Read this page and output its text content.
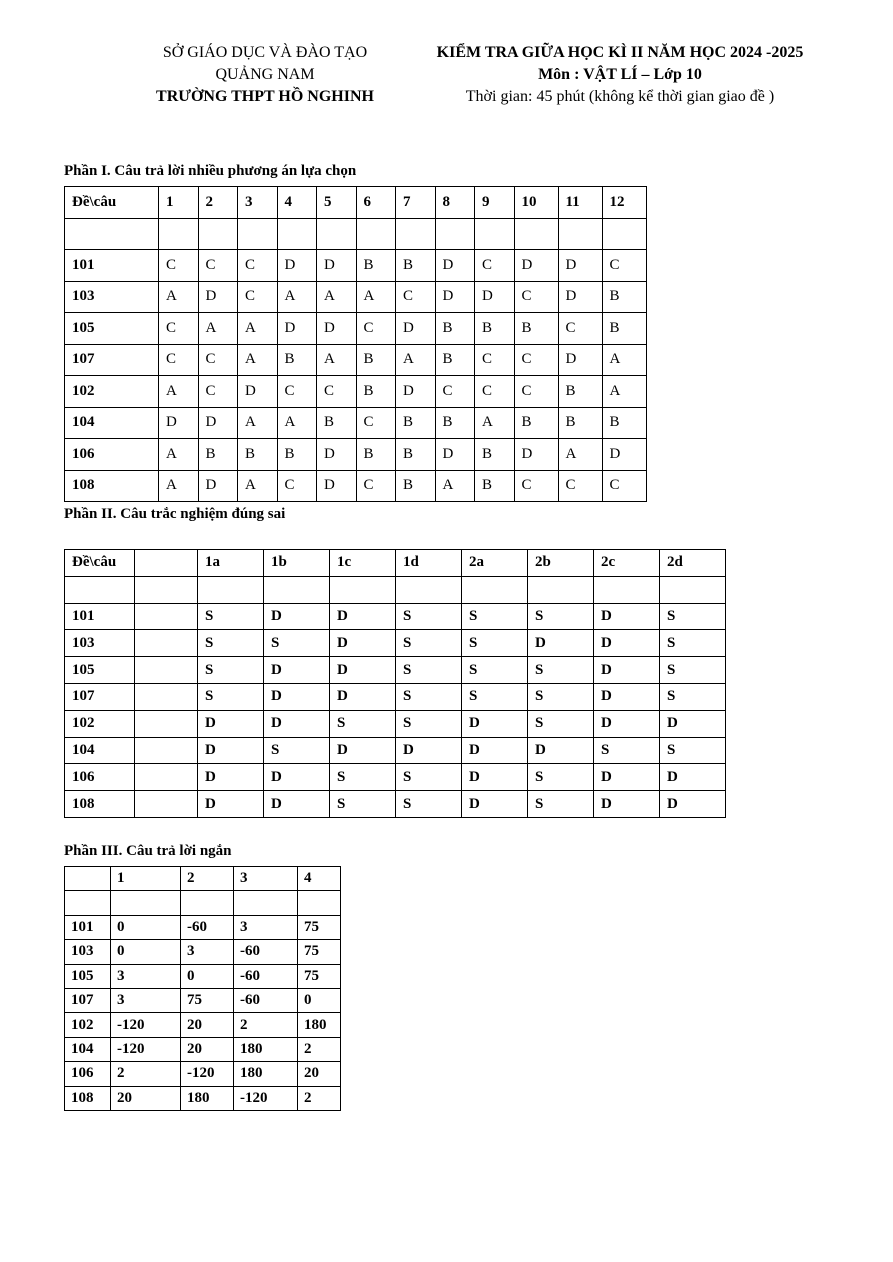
SỞ GIÁO DỤC VÀ ĐÀO TẠO
QUẢNG NAM
TRƯỜNG THPT HỒ NGHINH
KIỂM TRA GIỮA HỌC KÌ II NĂM HỌC 2024 -2025
Môn : VẬT LÍ – Lớp 10
Thời gian: 45 phút (không kể thời gian giao đề )
Phần I. Câu trả lời nhiều phương án lựa chọn
Đề\câu	1	2	3	4	5	6	7	8	9	10	11	12

101	C	C	C	D	D	B	B	D	C	D	D	C
103	A	D	C	A	A	A	C	D	D	C	D	B
105	C	A	A	D	D	C	D	B	B	B	C	B
107	C	C	A	B	A	B	A	B	C	C	D	A
102	A	C	D	C	C	B	D	C	C	C	B	A
104	D	D	A	A	B	C	B	B	A	B	B	B
106	A	B	B	B	D	B	B	D	B	D	A	D
108	A	D	A	C	D	C	B	A	B	C	C	C
Phần II. Câu trắc nghiệm đúng sai
Đề\câu		1a	1b	1c	1d	2a	2b	2c	2d

101		S	D	D	S	S	S	D	S
103		S	S	D	S	S	D	D	S
105		S	D	D	S	S	S	D	S
107		S	D	D	S	S	S	D	S
102		D	D	S	S	D	S	D	D
104		D	S	D	D	D	D	S	S
106		D	D	S	S	D	S	D	D
108		D	D	S	S	D	S	D	D
Phần III. Câu trả lời ngắn
	1	2	3	4

101	0	-60	3	75
103	0	3	-60	75
105	3	0	-60	75
107	3	75	-60	0
102	-120	20	2	180
104	-120	20	180	2
106	2	-120	180	20
108	20	180	-120	2
